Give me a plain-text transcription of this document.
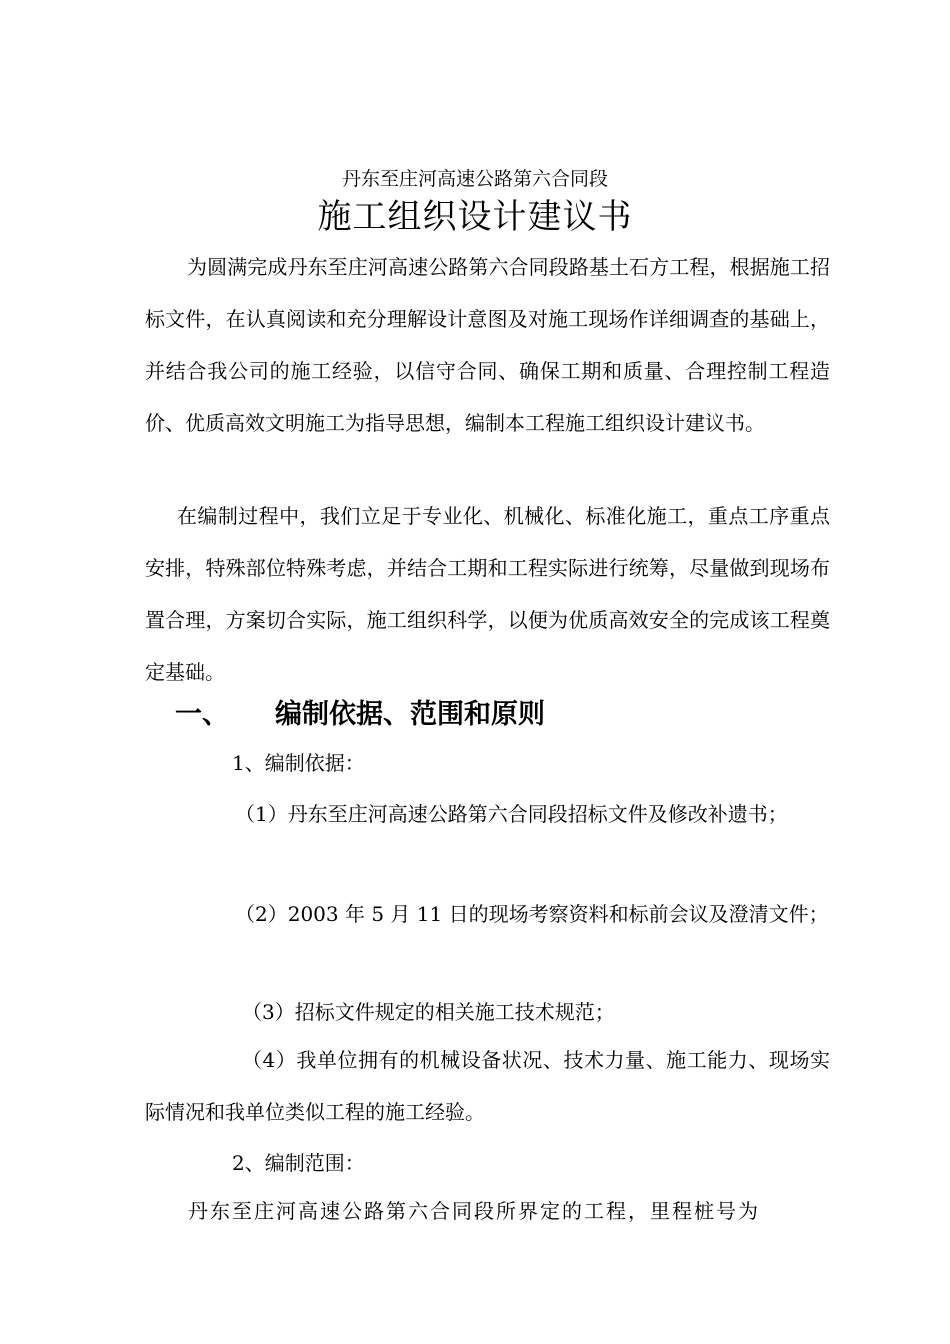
丹东至庄河高速公路第六合同段
施工组织设计建议书
为圆满完成丹东至庄河高速公路第六合同段路基土石方工程，根据施工招标文件，在认真阅读和充分理解设计意图及对施工现场作详细调查的基础上，并结合我公司的施工经验，以信守合同、确保工期和质量、合理控制工程造价、优质高效文明施工为指导思想，编制本工程施工组织设计建议书。
在编制过程中，我们立足于专业化、机械化、标准化施工，重点工序重点安排，特殊部位特殊考虑，并结合工期和工程实际进行统筹，尽量做到现场布置合理，方案切合实际，施工组织科学，以便为优质高效安全的完成该工程奠定基础。
一、 编制依据、范围和原则
1、编制依据：
（1）丹东至庄河高速公路第六合同段招标文件及修改补遗书；
（2）2003 年 5 月 11 日的现场考察资料和标前会议及澄清文件；
（3）招标文件规定的相关施工技术规范；
（4）我单位拥有的机械设备状况、技术力量、施工能力、现场实际情况和我单位类似工程的施工经验。
2、编制范围：
丹东至庄河高速公路第六合同段所界定的工程，里程桩号为
